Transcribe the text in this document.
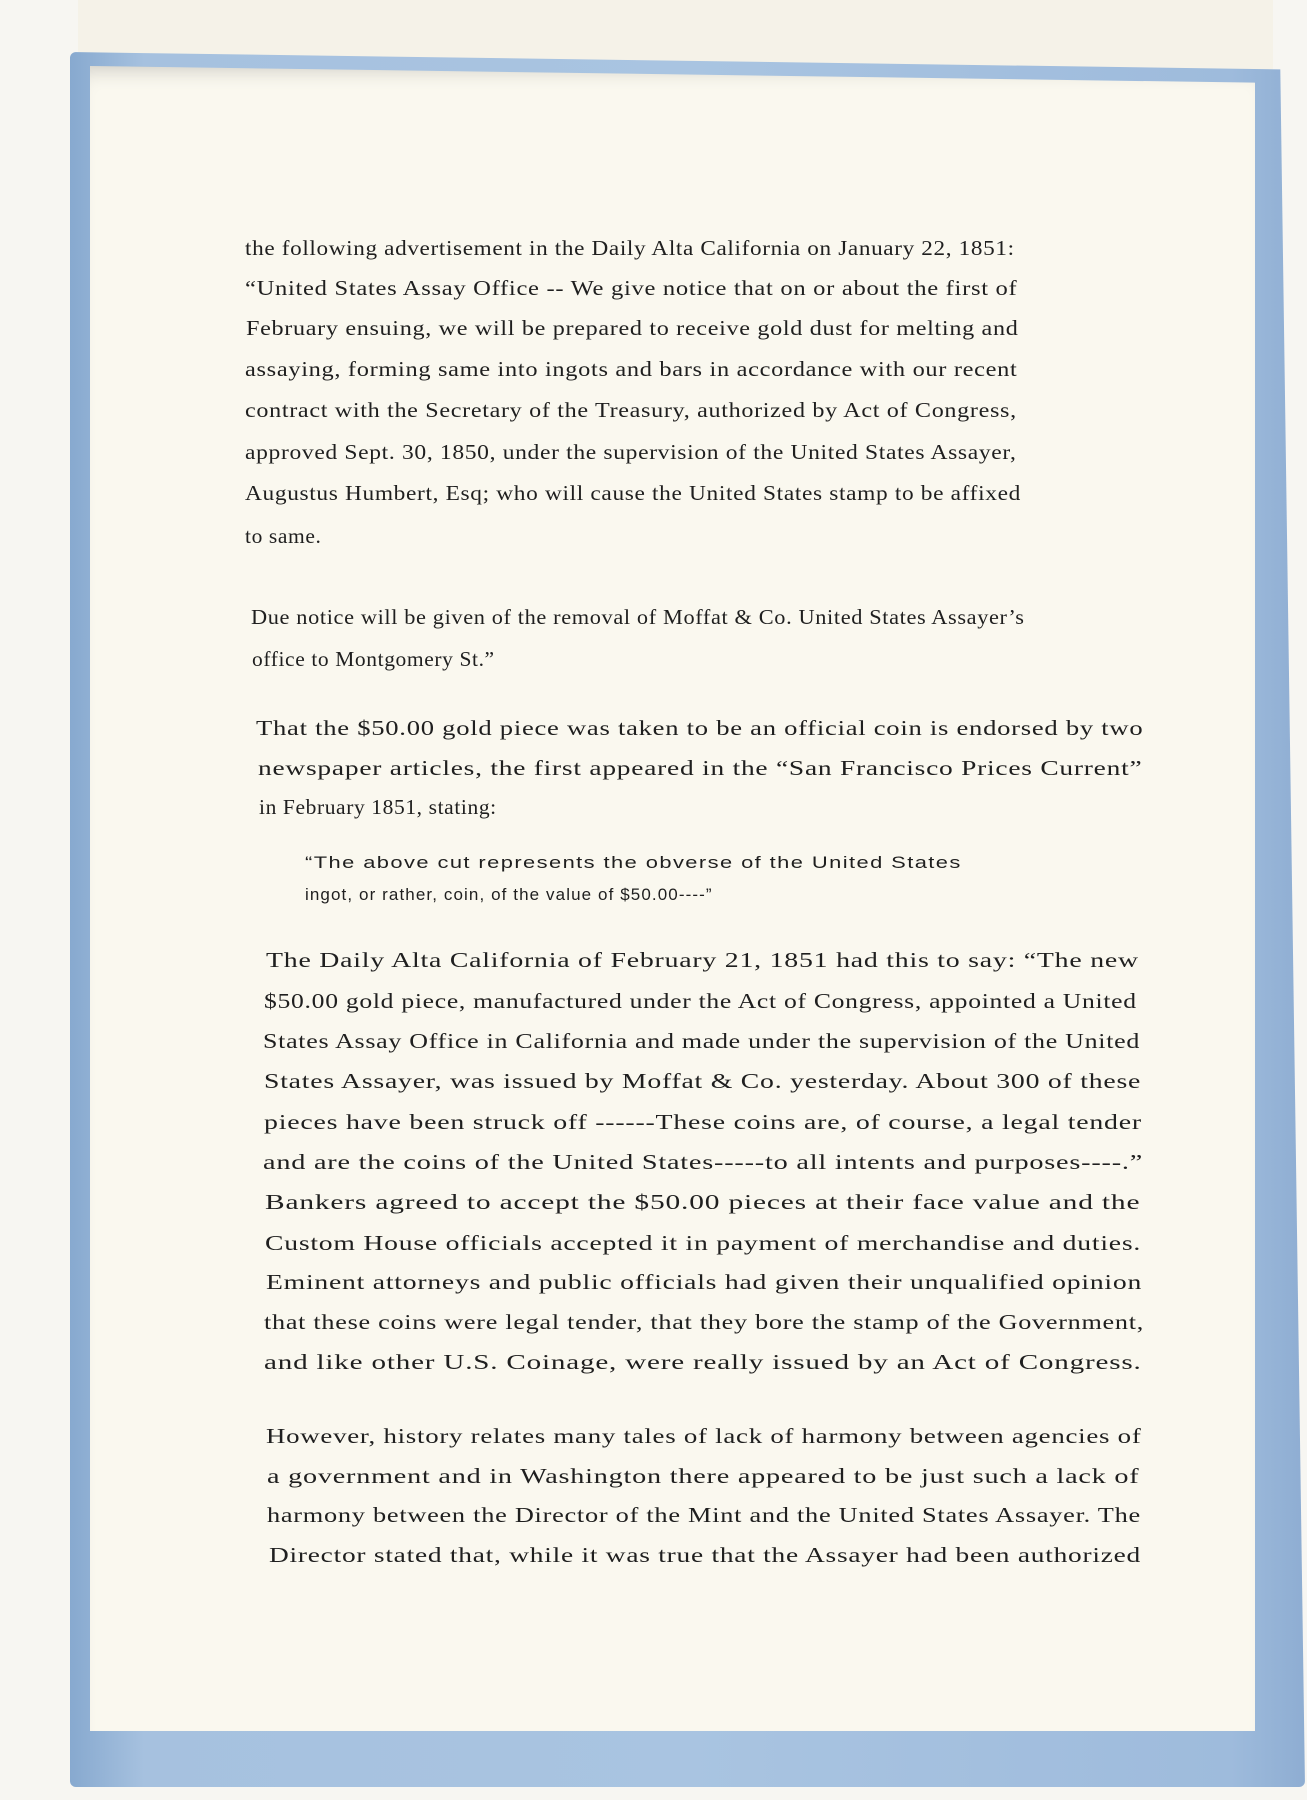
the following advertisement in the Daily Alta California on January 22, 1851:
“United States Assay Office -- We give notice that on or about the first of
February ensuing, we will be prepared to receive gold dust for melting and
assaying, forming same into ingots and bars in accordance with our recent
contract with the Secretary of the Treasury, authorized by Act of Congress,
approved Sept. 30, 1850, under the supervision of the United States Assayer,
Augustus Humbert, Esq; who will cause the United States stamp to be affixed
to same.
Due notice will be given of the removal of Moffat & Co. United States Assayer’s
office to Montgomery St.”
That the $50.00 gold piece was taken to be an official coin is endorsed by two
newspaper articles, the first appeared in the “San Francisco Prices Current”
in February 1851, stating:
“The above cut represents the obverse of the United States
ingot, or rather, coin, of the value of $50.00----”
The Daily Alta California of February 21, 1851 had this to say: “The new
$50.00 gold piece, manufactured under the Act of Congress, appointed a United
States Assay Office in California and made under the supervision of the United
States Assayer, was issued by Moffat & Co. yesterday. About 300 of these
pieces have been struck off ------These coins are, of course, a legal tender
and are the coins of the United States-----to all intents and purposes----.”
Bankers agreed to accept the $50.00 pieces at their face value and the
Custom House officials accepted it in payment of merchandise and duties.
Eminent attorneys and public officials had given their unqualified opinion
that these coins were legal tender, that they bore the stamp of the Government,
and like other U.S. Coinage, were really issued by an Act of Congress.
However, history relates many tales of lack of harmony between agencies of
a government and in Washington there appeared to be just such a lack of
harmony between the Director of the Mint and the United States Assayer. The
Director stated that, while it was true that the Assayer had been authorized
